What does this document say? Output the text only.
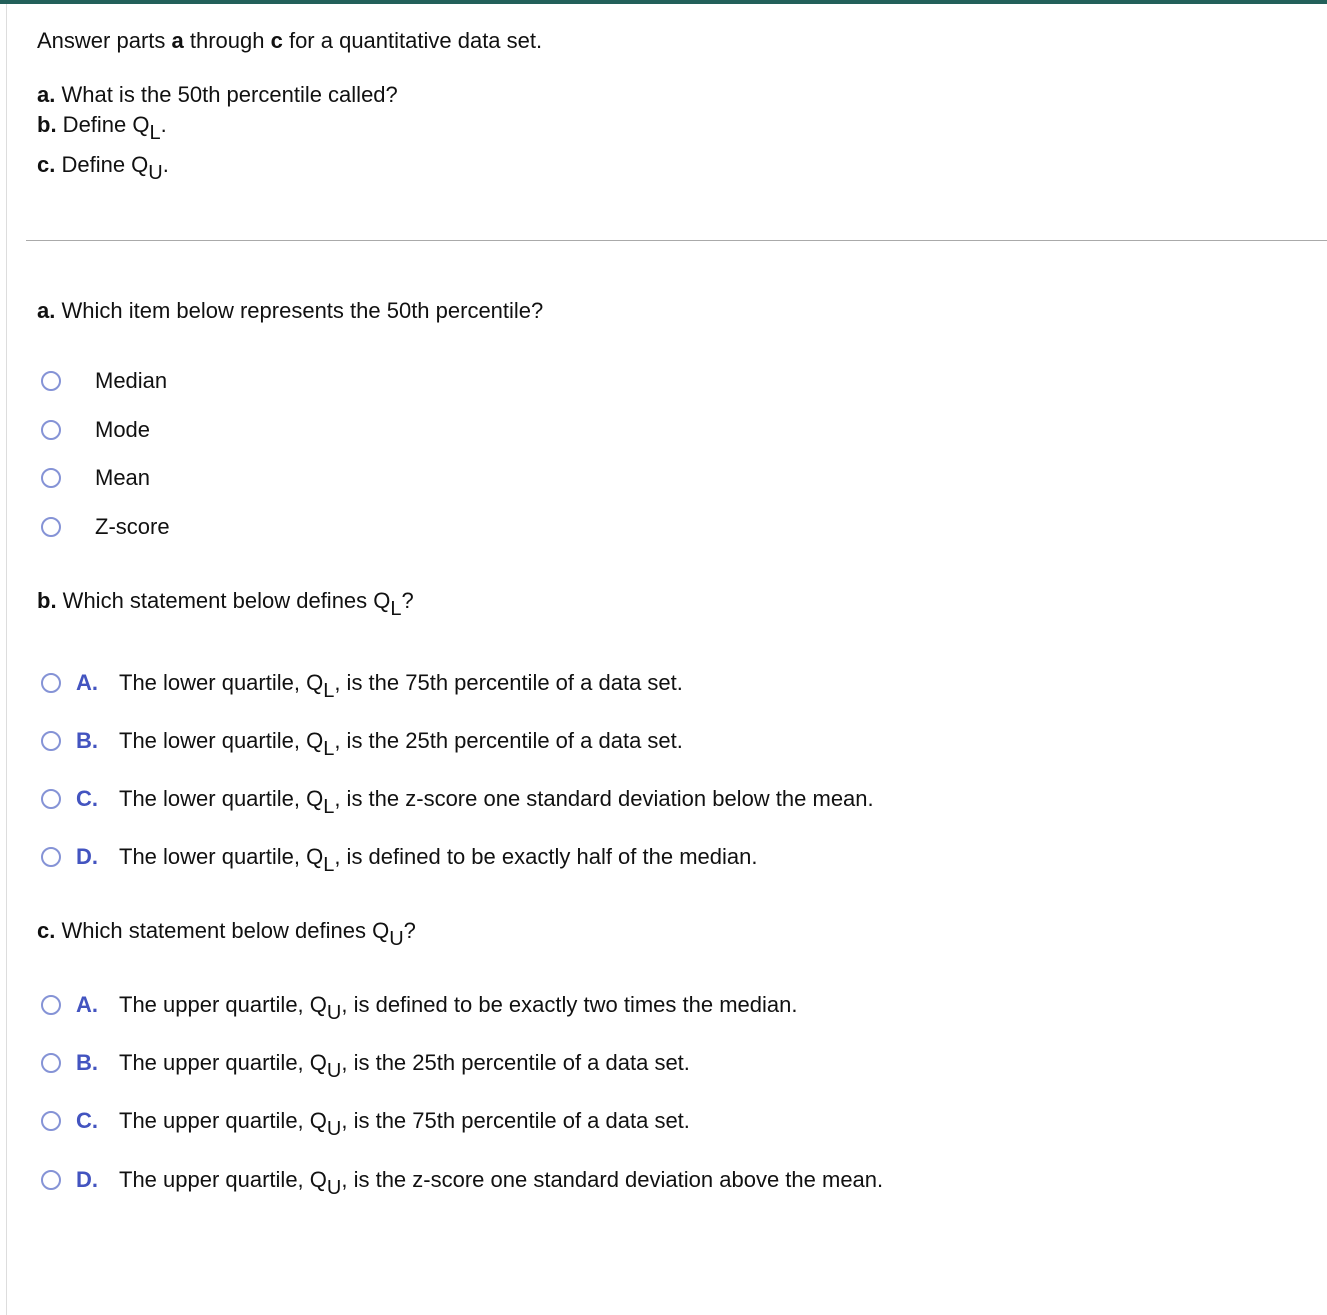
Answer parts a through c for a quantitative data set.
a. What is the 50th percentile called?
b. Define $Q_L$.
c. Define $Q_U$.
a. Which item below represents the 50th percentile?
Median
Mode
Mean
Z-score
b. Which statement below defines $Q_L$?
A. The lower quartile, $Q_L$, is the 75th percentile of a data set.
B. The lower quartile, $Q_L$, is the 25th percentile of a data set.
C. The lower quartile, $Q_L$, is the z-score one standard deviation below the mean.
D. The lower quartile, $Q_L$, is defined to be exactly half of the median.
c. Which statement below defines $Q_U$?
A. The upper quartile, $Q_U$, is defined to be exactly two times the median.
B. The upper quartile, $Q_U$, is the 25th percentile of a data set.
C. The upper quartile, $Q_U$, is the 75th percentile of a data set.
D. The upper quartile, $Q_U$, is the z-score one standard deviation above the mean.
